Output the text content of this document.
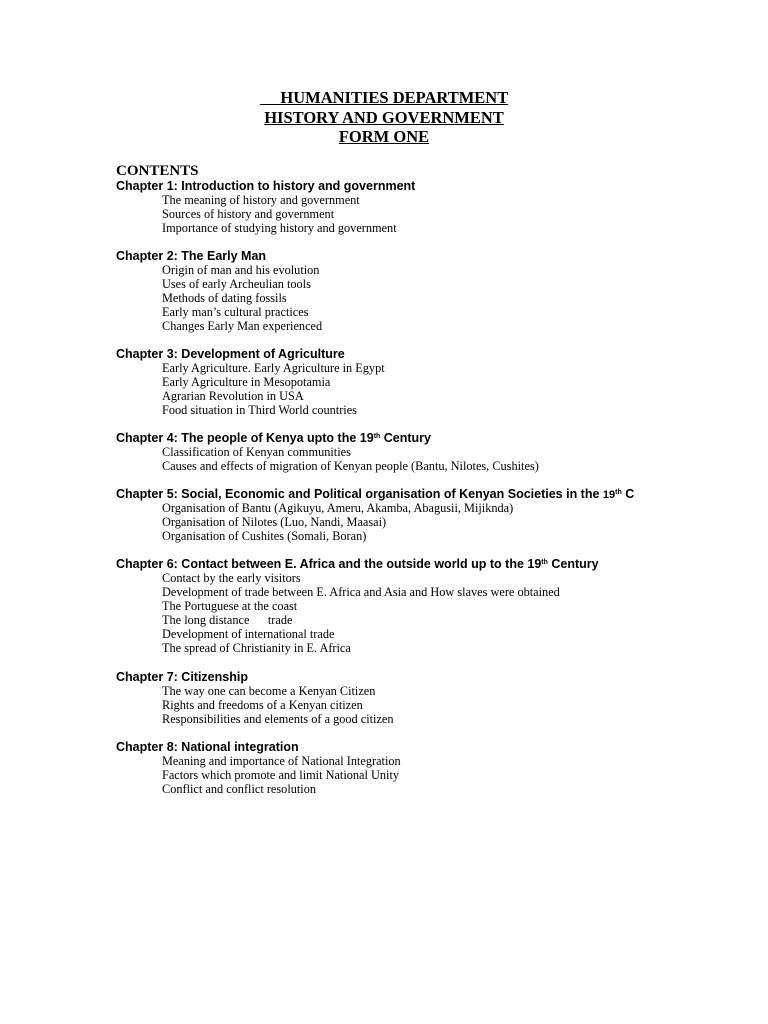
HUMANITIES DEPARTMENT
HISTORY AND GOVERNMENT
FORM ONE
CONTENTS
Chapter 1: Introduction to history and government
The meaning of history and government
Sources of history and government
Importance of studying history and government
Chapter 2: The Early Man
Origin of man and his evolution
Uses of early Archeulian tools
Methods of dating fossils
Early man’s cultural practices
Changes Early Man experienced
Chapter 3: Development of Agriculture
Early Agriculture. Early Agriculture in Egypt
Early Agriculture in Mesopotamia
Agrarian Revolution in USA
Food situation in Third World countries
Chapter 4: The people of Kenya upto the 19th Century
Classification of Kenyan communities
Causes and effects of migration of Kenyan people (Bantu, Nilotes, Cushites)
Chapter 5: Social, Economic and Political organisation of Kenyan Societies in the 19th C
Organisation of Bantu (Agikuyu, Ameru, Akamba, Abagusii, Mijiknda)
Organisation of Nilotes (Luo, Nandi, Maasai)
Organisation of Cushites (Somali, Boran)
Chapter 6: Contact between E. Africa and the outside world up to the 19th Century
Contact by the early visitors
Development of trade between E. Africa and Asia and How slaves were obtained
The Portuguese at the coast
The long distance      trade
Development of international trade
The spread of Christianity in E. Africa
Chapter 7: Citizenship
The way one can become a Kenyan Citizen
Rights and freedoms of a Kenyan citizen
Responsibilities and elements of a good citizen
Chapter 8: National integration
Meaning and importance of National Integration
Factors which promote and limit National Unity
Conflict and conflict resolution
